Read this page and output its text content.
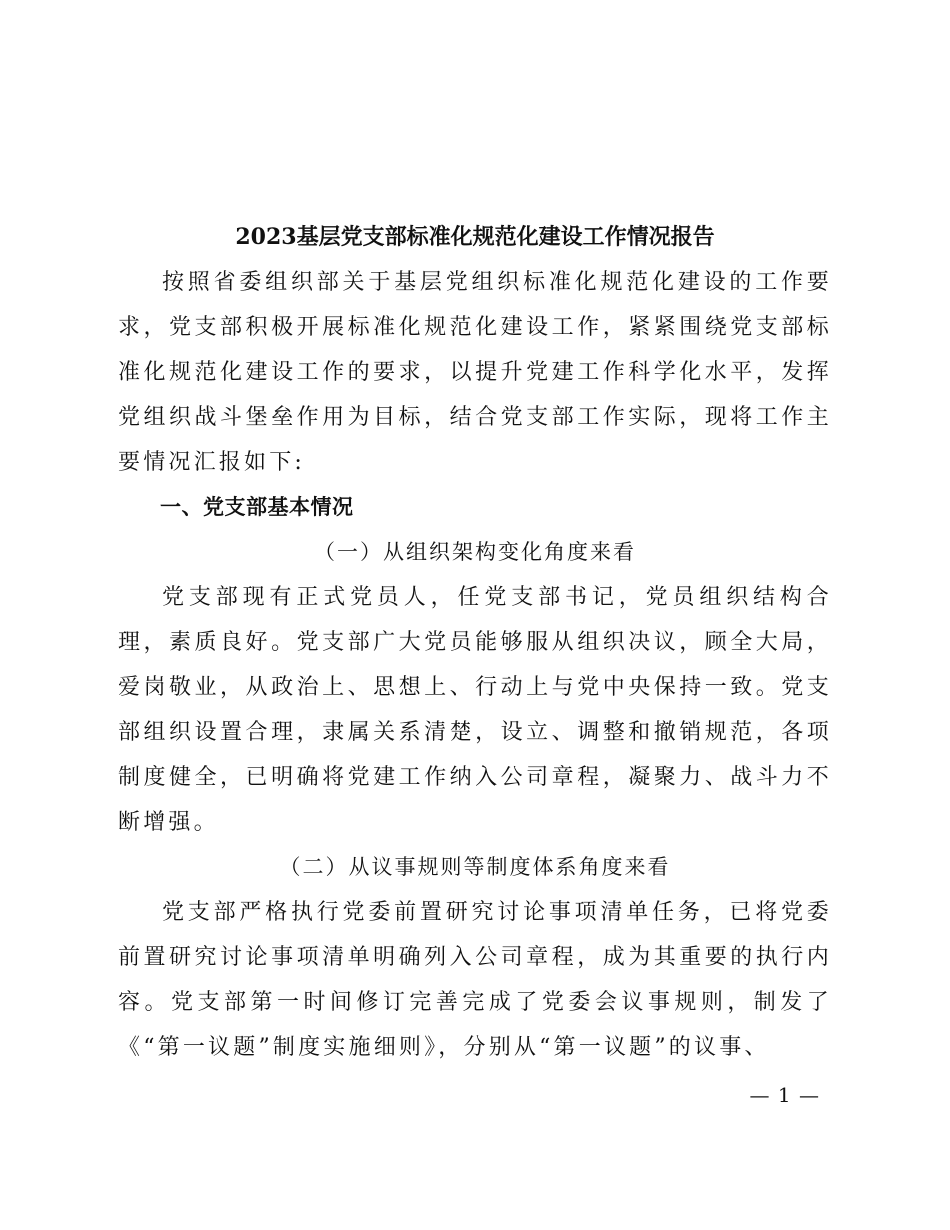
2023基层党支部标准化规范化建设工作情况报告

按照省委组织部关于基层党组织标准化规范化建设的工作要求，党支部积极开展标准化规范化建设工作，紧紧围绕党支部标准化规范化建设工作的要求，以提升党建工作科学化水平，发挥党组织战斗堡垒作用为目标，结合党支部工作实际，现将工作主要情况汇报如下:

一、党支部基本情况

（一）从组织架构变化角度来看

党支部现有正式党员人，任党支部书记，党员组织结构合理，素质良好。党支部广大党员能够服从组织决议，顾全大局，爱岗敬业，从政治上、思想上、行动上与党中央保持一致。党支部组织设置合理，隶属关系清楚，设立、调整和撤销规范，各项制度健全，已明确将党建工作纳入公司章程，凝聚力、战斗力不断增强。

（二）从议事规则等制度体系角度来看

党支部严格执行党委前置研究讨论事项清单任务，已将党委前置研究讨论事项清单明确列入公司章程，成为其重要的执行内容。党支部第一时间修订完善完成了党委会议事规则，制发了《“第一议题”制度实施细则》，分别从“第一议题”的议事、

— 1 —
